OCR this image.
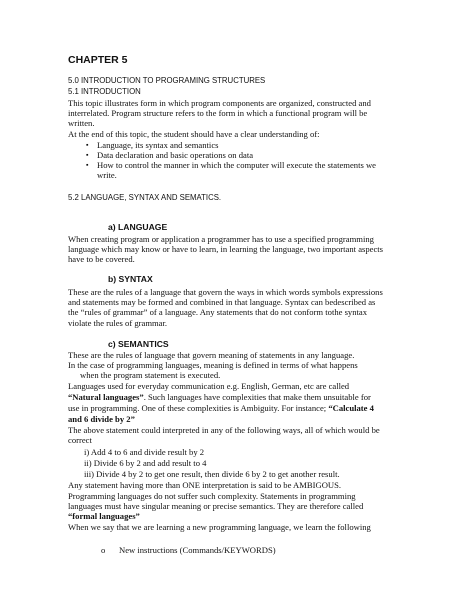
CHAPTER 5
5.0 INTRODUCTION TO PROGRAMING STRUCTURES
5.1 INTRODUCTION
This topic illustrates form in which program components are organized, constructed and
interrelated. Program structure refers to the form in which a functional program will be
written.
At the end of this topic, the student should have a clear understanding of:
▪ Language, its syntax and semantics
▪ Data declaration and basic operations on data
▪ How to control the manner in which the computer will execute the statements we
write.
5.2 LANGUAGE, SYNTAX AND SEMATICS.
a) LANGUAGE
When creating program or application a programmer has to use a specified programming
language which may know or have to learn, in learning the language, two important aspects
have to be covered.
b) SYNTAX
These are the rules of a language that govern the ways in which words symbols expressions
and statements may be formed and combined in that language. Syntax can bedescribed as
the “rules of grammar” of a language. Any statements that do not conform tothe syntax
violate the rules of grammar.
c) SEMANTICS
These are the rules of language that govern meaning of statements in any language.
In the case of programming languages, meaning is defined in terms of what happens
when the program statement is executed.
Languages used for everyday communication e.g. English, German, etc are called
“Natural languages”. Such languages have complexities that make them unsuitable for
use in programming. One of these complexities is Ambiguity. For instance; “Calculate 4
and 6 divide by 2”
The above statement could interpreted in any of the following ways, all of which would be
correct
i) Add 4 to 6 and divide result by 2
ii) Divide 6 by 2 and add result to 4
iii) Divide 4 by 2 to get one result, then divide 6 by 2 to get another result.
Any statement having more than ONE interpretation is said to be AMBIGOUS.
Programming languages do not suffer such complexity. Statements in programming
languages must have singular meaning or precise semantics. They are therefore called
“formal languages”
When we say that we are learning a new programming language, we learn the following
o New instructions (Commands/KEYWORDS)
